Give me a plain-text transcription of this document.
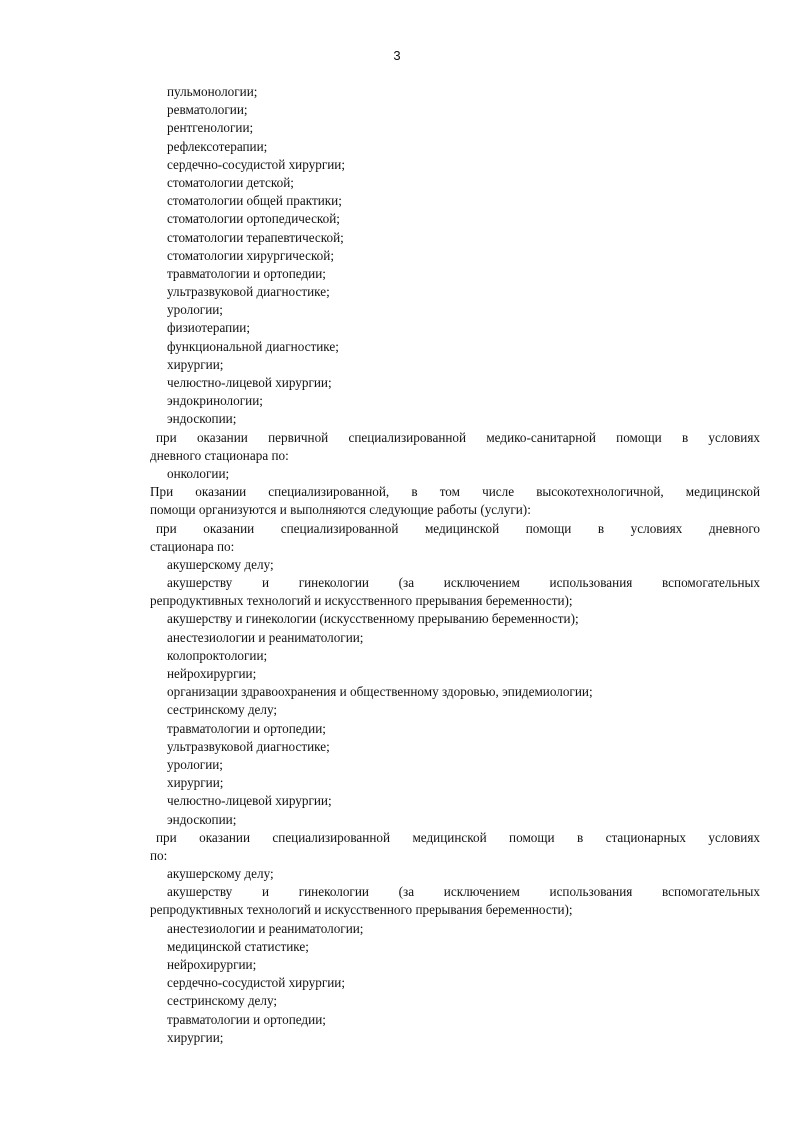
3
пульмонологии;
ревматологии;
рентгенологии;
рефлексотерапии;
сердечно-сосудистой хирургии;
стоматологии детской;
стоматологии общей практики;
стоматологии ортопедической;
стоматологии терапевтической;
стоматологии хирургической;
травматологии и ортопедии;
ультразвуковой диагностике;
урологии;
физиотерапии;
функциональной диагностике;
хирургии;
челюстно-лицевой хирургии;
эндокринологии;
эндоскопии;
при оказании первичной специализированной медико-санитарной помощи в условиях
дневного стационара по:
онкологии;
При оказании специализированной, в том числе высокотехнологичной, медицинской
помощи организуются и выполняются следующие работы (услуги):
при оказании специализированной медицинской помощи в условиях дневного
стационара по:
акушерскому делу;
акушерству и гинекологии (за исключением использования вспомогательных
репродуктивных технологий и искусственного прерывания беременности);
акушерству и гинекологии (искусственному прерыванию беременности);
анестезиологии и реаниматологии;
колопроктологии;
нейрохирургии;
организации здравоохранения и общественному здоровью, эпидемиологии;
сестринскому делу;
травматологии и ортопедии;
ультразвуковой диагностике;
урологии;
хирургии;
челюстно-лицевой хирургии;
эндоскопии;
при оказании специализированной медицинской помощи в стационарных условиях
по:
акушерскому делу;
акушерству и гинекологии (за исключением использования вспомогательных
репродуктивных технологий и искусственного прерывания беременности);
анестезиологии и реаниматологии;
медицинской статистике;
нейрохирургии;
сердечно-сосудистой хирургии;
сестринскому делу;
травматологии и ортопедии;
хирургии;
